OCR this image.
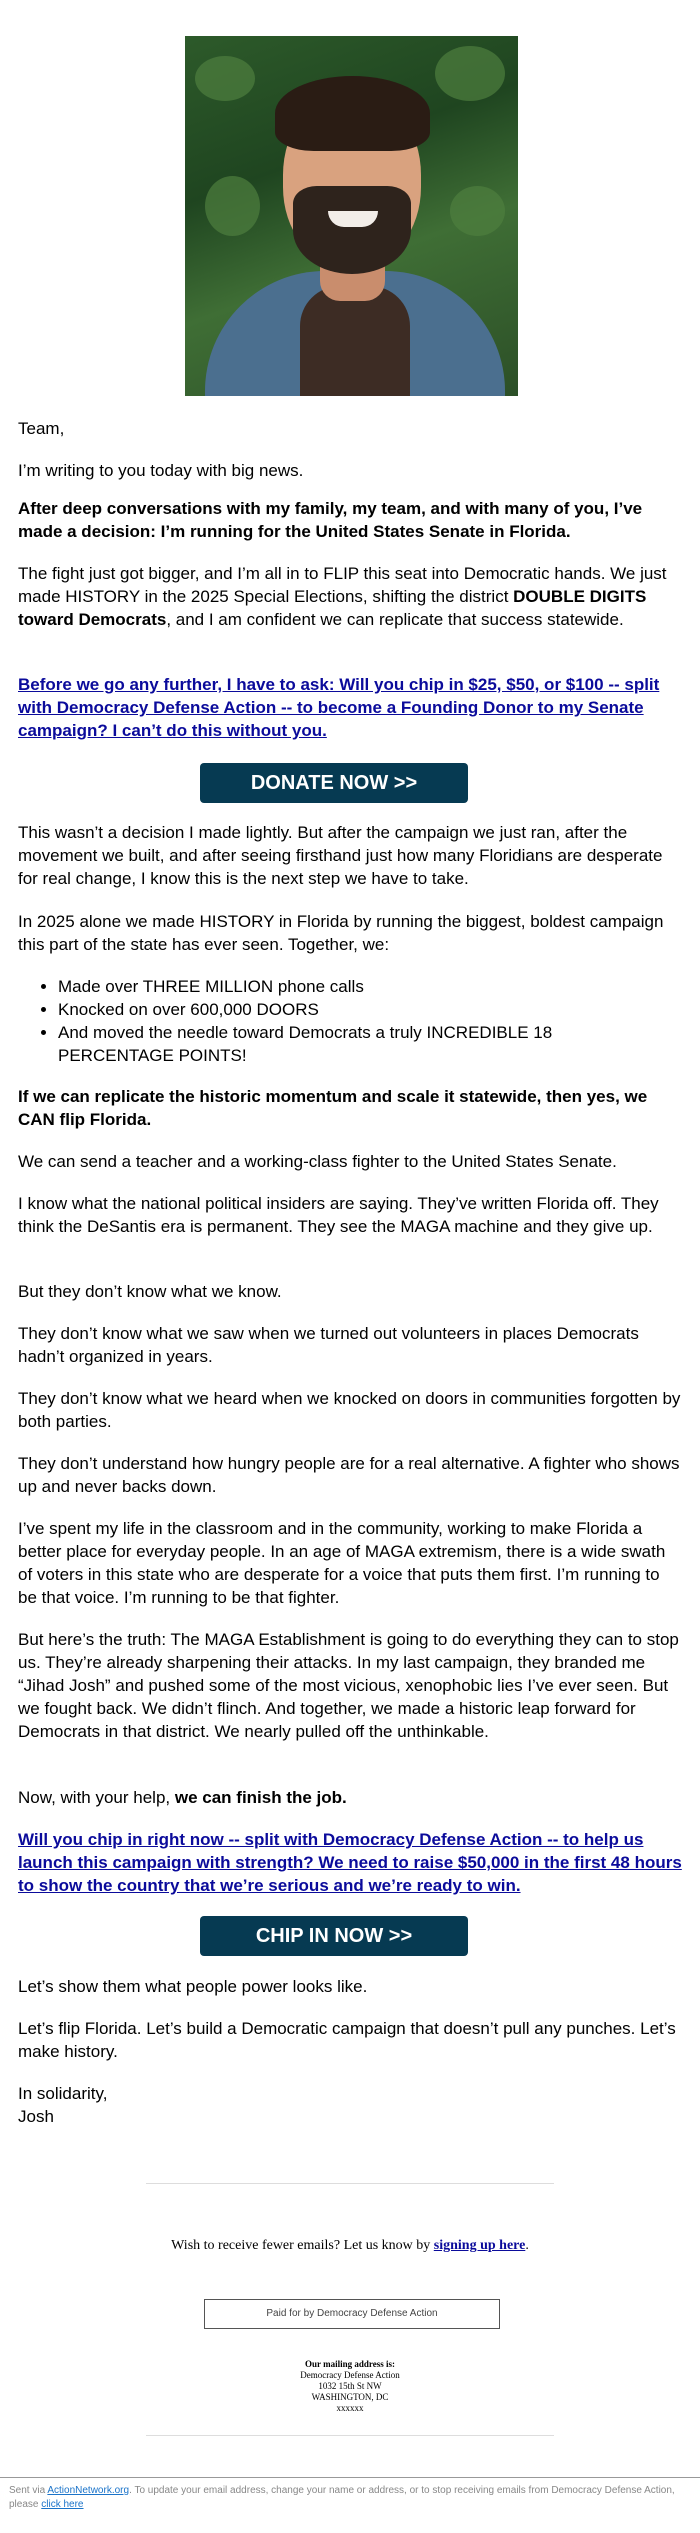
Team,

I’m writing to you today with big news.

After deep conversations with my family, my team, and with many of you, I’ve made a decision: I’m running for the United States Senate in Florida.

The fight just got bigger, and I’m all in to FLIP this seat into Democratic hands. We just made HISTORY in the 2025 Special Elections, shifting the district DOUBLE DIGITS toward Democrats, and I am confident we can replicate that success statewide.

Before we go any further, I have to ask: Will you chip in $25, $50, or $100 -- split with Democracy Defense Action -- to become a Founding Donor to my Senate campaign? I can’t do this without you.

DONATE NOW >>

This wasn’t a decision I made lightly. But after the campaign we just ran, after the movement we built, and after seeing firsthand just how many Floridians are desperate for real change, I know this is the next step we have to take.

In 2025 alone we made HISTORY in Florida by running the biggest, boldest campaign this part of the state has ever seen. Together, we:

• Made over THREE MILLION phone calls
• Knocked on over 600,000 DOORS
• And moved the needle toward Democrats a truly INCREDIBLE 18 PERCENTAGE POINTS!

If we can replicate the historic momentum and scale it statewide, then yes, we CAN flip Florida.

We can send a teacher and a working-class fighter to the United States Senate.

I know what the national political insiders are saying. They’ve written Florida off. They think the DeSantis era is permanent. They see the MAGA machine and they give up.

But they don’t know what we know.

They don’t know what we saw when we turned out volunteers in places Democrats hadn’t organized in years.

They don’t know what we heard when we knocked on doors in communities forgotten by both parties.

They don’t understand how hungry people are for a real alternative. A fighter who shows up and never backs down.

I’ve spent my life in the classroom and in the community, working to make Florida a better place for everyday people. In an age of MAGA extremism, there is a wide swath of voters in this state who are desperate for a voice that puts them first. I’m running to be that voice. I’m running to be that fighter.

But here’s the truth: The MAGA Establishment is going to do everything they can to stop us. They’re already sharpening their attacks. In my last campaign, they branded me “Jihad Josh” and pushed some of the most vicious, xenophobic lies I’ve ever seen. But we fought back. We didn’t flinch. And together, we made a historic leap forward for Democrats in that district. We nearly pulled off the unthinkable.

Now, with your help, we can finish the job.

Will you chip in right now -- split with Democracy Defense Action -- to help us launch this campaign with strength? We need to raise $50,000 in the first 48 hours to show the country that we’re serious and we’re ready to win.

CHIP IN NOW >>

Let’s show them what people power looks like.

Let’s flip Florida. Let’s build a Democratic campaign that doesn’t pull any punches. Let’s make history.

In solidarity,

Josh

Wish to receive fewer emails? Let us know by signing up here.
Paid for by Democracy Defense Action
Our mailing address is:
Democracy Defense Action
1032 15th St NW
WASHINGTON, DC
xxxxxx
Sent via ActionNetwork.org. To update your email address, change your name or address, or to stop receiving emails from Democracy Defense Action, please click here
